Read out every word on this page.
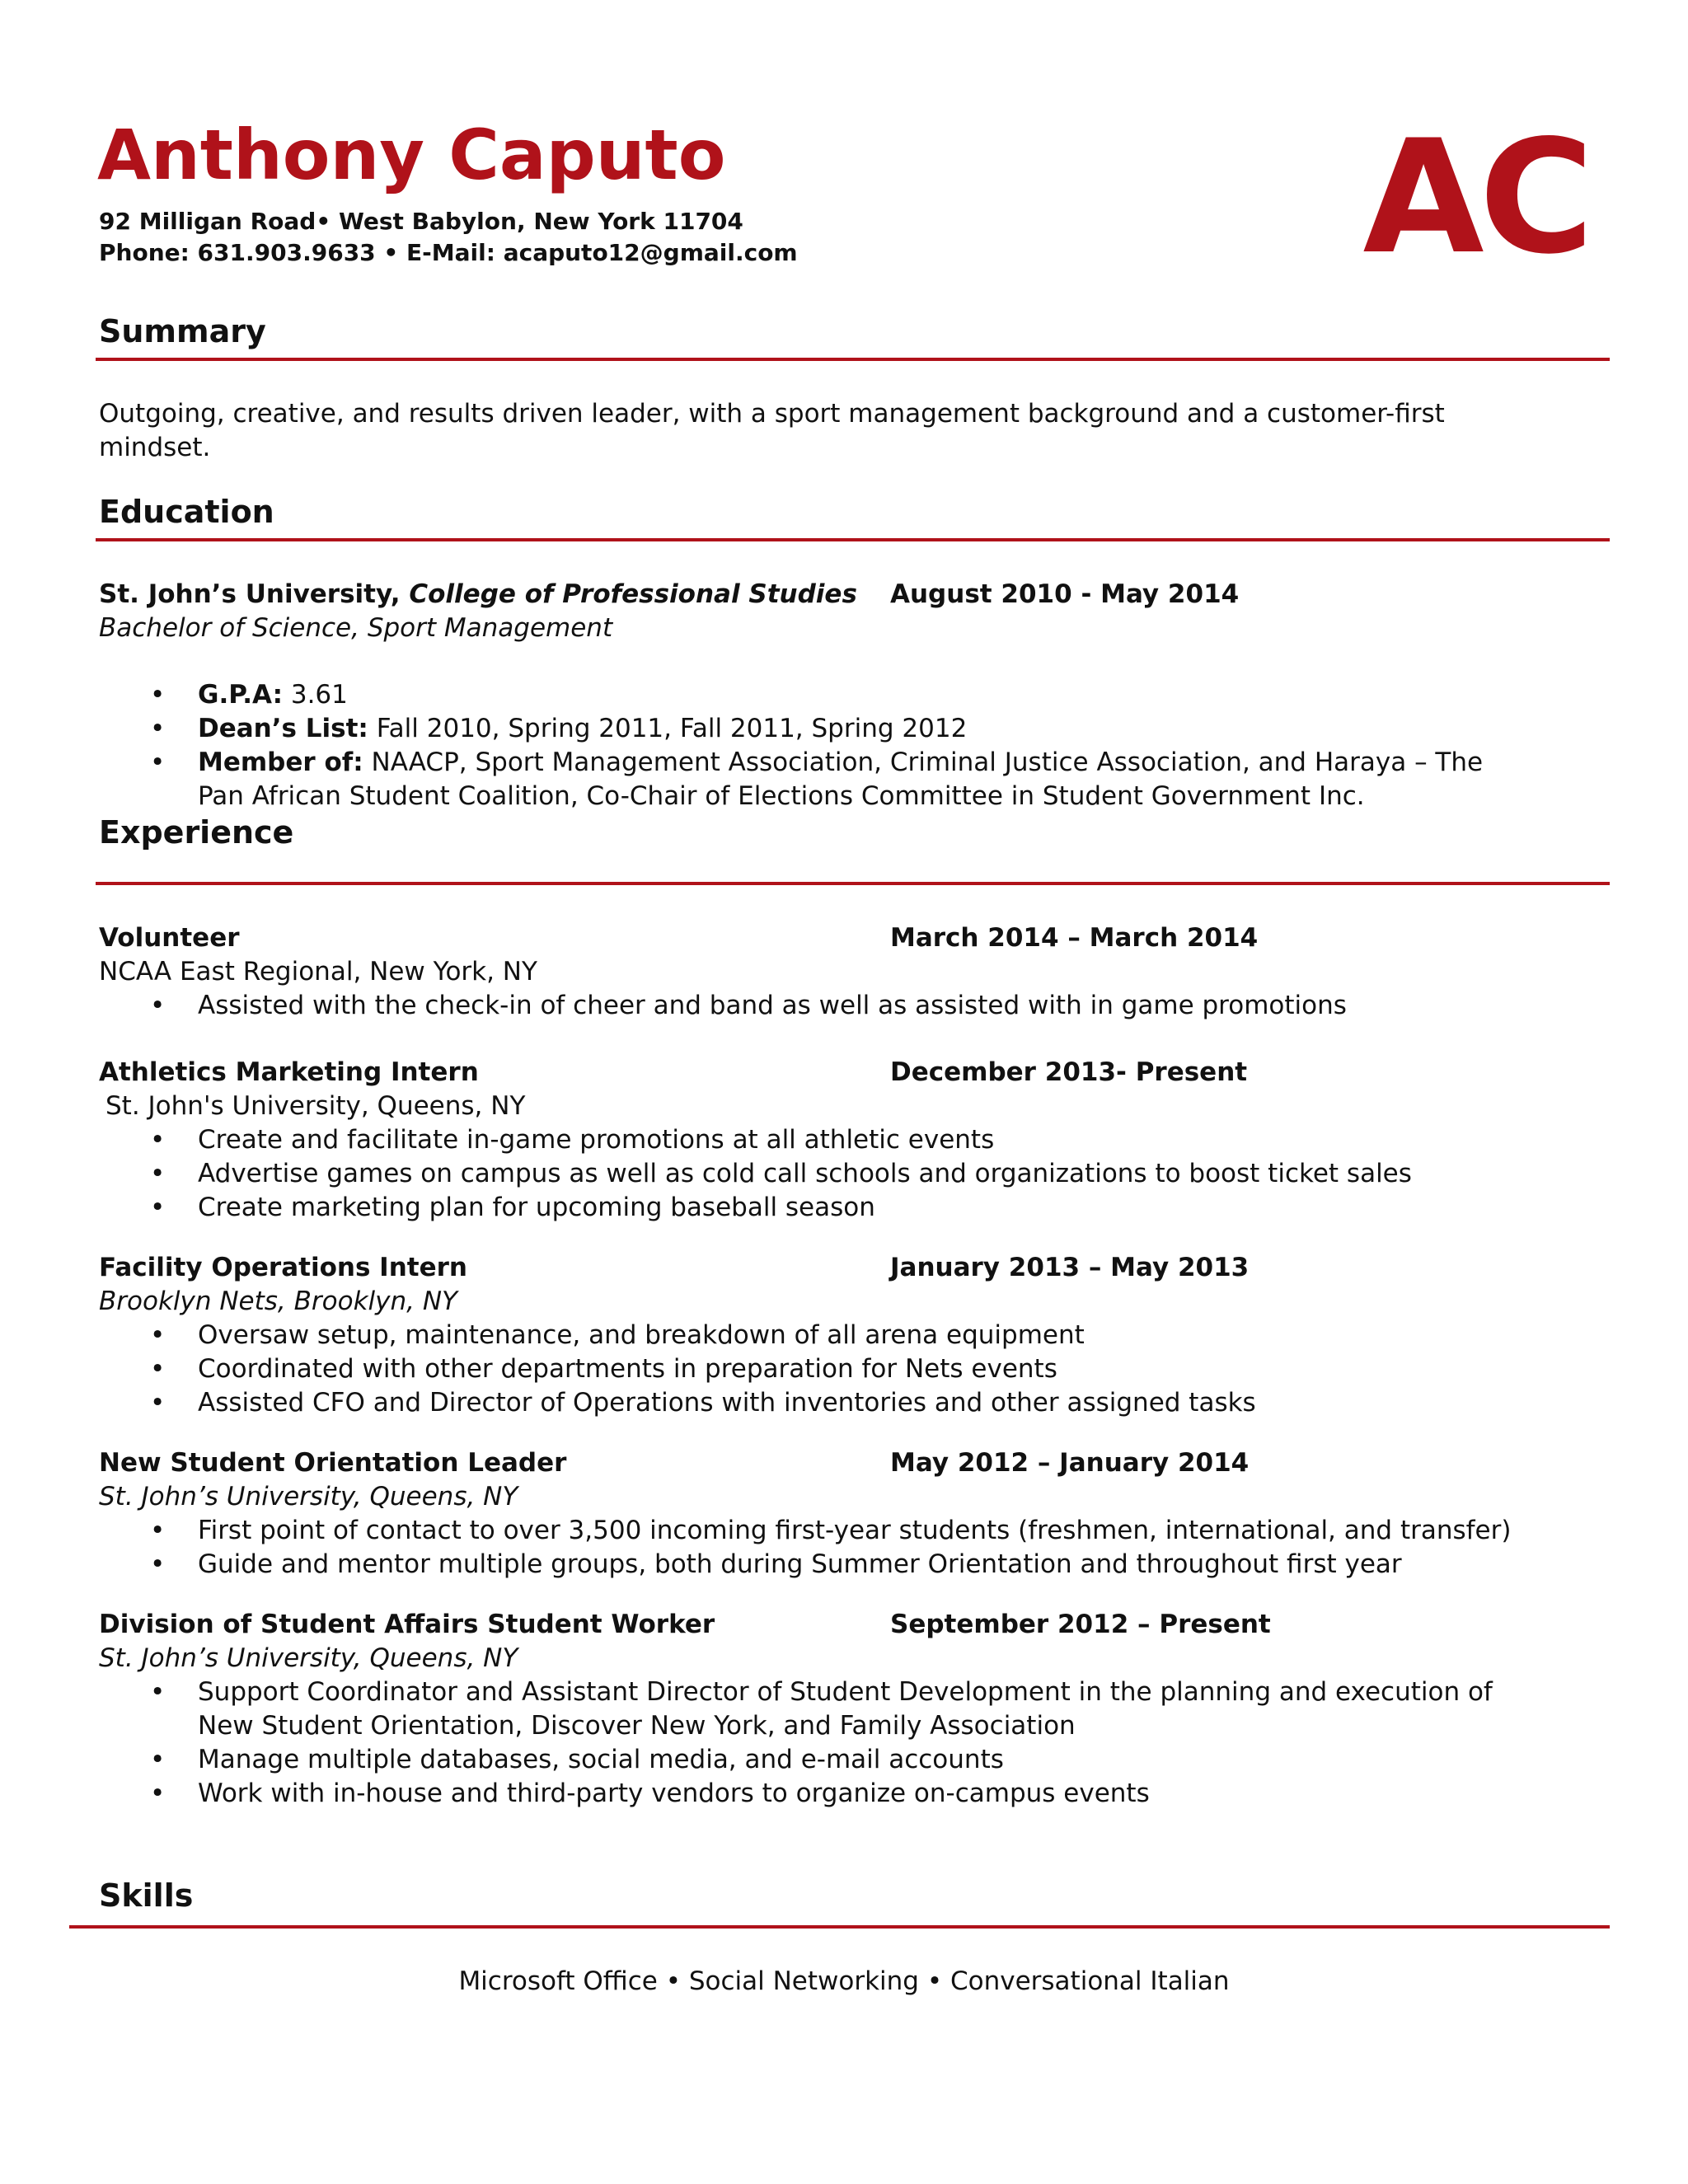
Anthony Caputo
92 Milligan Road• West Babylon, New York 11704
Phone: 631.903.9633 • E-Mail: acaputo12@gmail.com	AC
Summary
Outgoing, creative, and results driven leader, with a sport management background and a customer-first
mindset.
Education
St. John’s University, College of Professional Studies August 2010 - May 2014
Bachelor of Science, Sport Management
• G.P.A: 3.61
• Dean’s List: Fall 2010, Spring 2011, Fall 2011, Spring 2012
• Member of: NAACP, Sport Management Association, Criminal Justice Association, and Haraya – The
Pan African Student Coalition, Co-Chair of Elections Committee in Student Government Inc.
Experience
Volunteer	March 2014 – March 2014
NCAA East Regional, New York, NY
• Assisted with the check-in of cheer and band as well as assisted with in game promotions
Athletics Marketing Intern	December 2013- Present
St. John's University, Queens, NY
• Create and facilitate in-game promotions at all athletic events
• Advertise games on campus as well as cold call schools and organizations to boost ticket sales
• Create marketing plan for upcoming baseball season
Facility Operations Intern	January 2013 – May 2013
Brooklyn Nets, Brooklyn, NY
• Oversaw setup, maintenance, and breakdown of all arena equipment
• Coordinated with other departments in preparation for Nets events
• Assisted CFO and Director of Operations with inventories and other assigned tasks
New Student Orientation Leader	May 2012 – January 2014
St. John’s University, Queens, NY
• First point of contact to over 3,500 incoming first-year students (freshmen, international, and transfer)
• Guide and mentor multiple groups, both during Summer Orientation and throughout first year
Division of Student Affairs Student Worker	September 2012 – Present
St. John’s University, Queens, NY
• Support Coordinator and Assistant Director of Student Development in the planning and execution of
New Student Orientation, Discover New York, and Family Association
• Manage multiple databases, social media, and e-mail accounts
• Work with in-house and third-party vendors to organize on-campus events
Skills
Microsoft Office • Social Networking • Conversational Italian
